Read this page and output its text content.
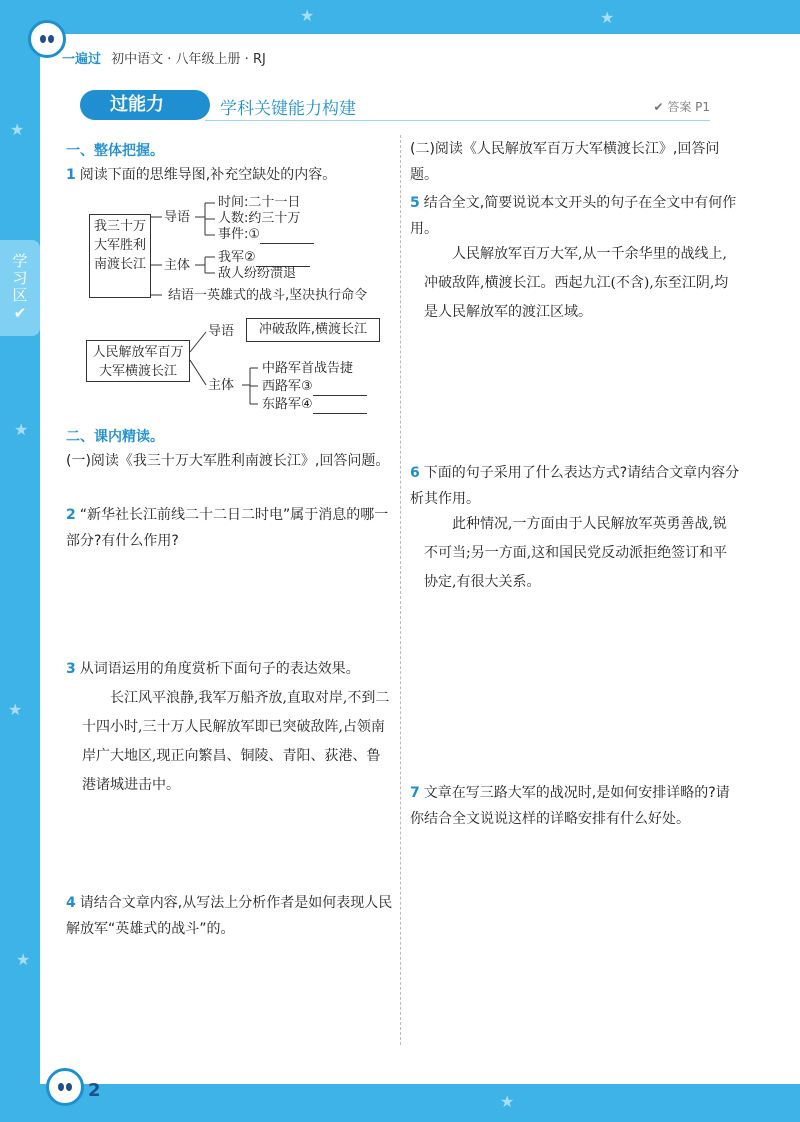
★
★
★
★
★	★
★
学习区
✔
一遍过 初中语文 · 八年级上册 · RJ
过能力	学科关键能力构建	✔ 答案 P1
一、整体把握。
1 阅读下面的思维导图,补充空缺处的内容。
我三十万大军胜利南渡长江
导语
时间:二十一日
人数:约三十万
事件:①
主体
我军②
敌人纷纷溃退
结语一英雄式的战斗,坚决执行命令
人民解放军百万大军横渡长江
导语	冲破敌阵,横渡长江
主体
中路军首战告捷
西路军③
东路军④
二、课内精读。
(一)阅读《我三十万大军胜利南渡长江》,回答问题。
2 “新华社长江前线二十二日二时电”属于消息的哪一部分?有什么作用?
3 从词语运用的角度赏析下面句子的表达效果。
长江风平浪静,我军万船齐放,直取对岸,不到二十四小时,三十万人民解放军即已突破敌阵,占领南岸广大地区,现正向繁昌、铜陵、青阳、荻港、鲁港诸城进击中。
4 请结合文章内容,从写法上分析作者是如何表现人民解放军“英雄式的战斗”的。
(二)阅读《人民解放军百万大军横渡长江》,回答问题。
5 结合全文,简要说说本文开头的句子在全文中有何作用。
人民解放军百万大军,从一千余华里的战线上,冲破敌阵,横渡长江。西起九江(不含),东至江阴,均是人民解放军的渡江区域。
6 下面的句子采用了什么表达方式?请结合文章内容分析其作用。
此种情况,一方面由于人民解放军英勇善战,锐不可当;另一方面,这和国民党反动派拒绝签订和平协定,有很大关系。
7 文章在写三路大军的战况时,是如何安排详略的?请你结合全文说说这样的详略安排有什么好处。
2
